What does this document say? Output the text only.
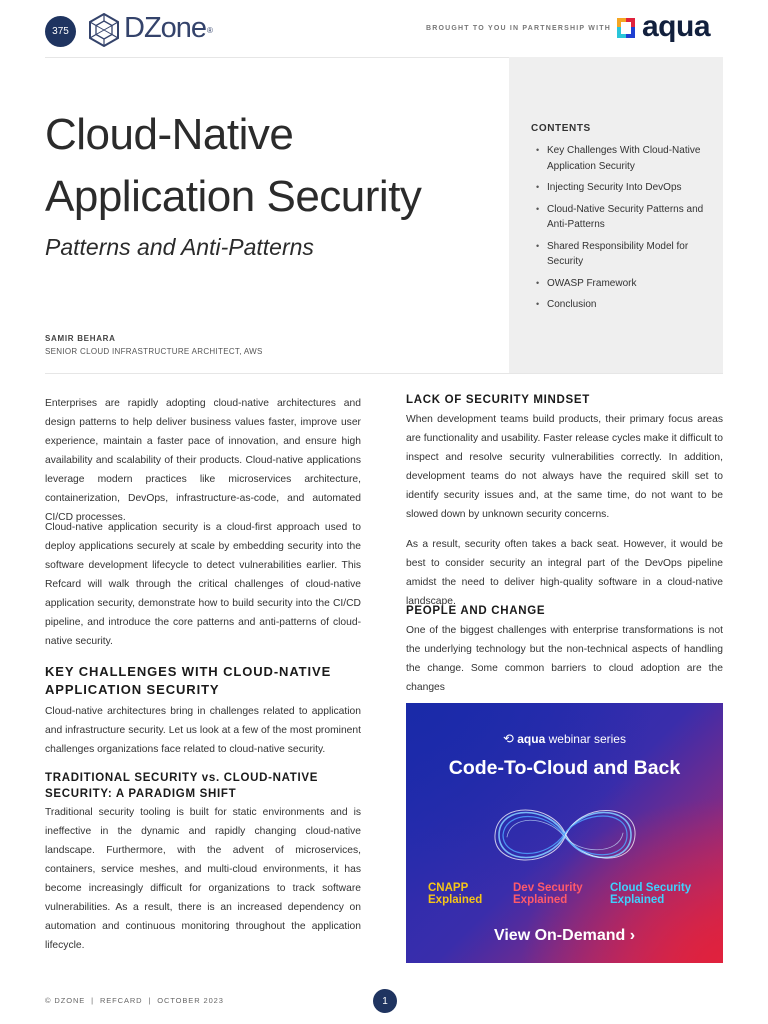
375 DZone®	BROUGHT TO YOU IN PARTNERSHIP WITH aqua
Cloud-Native
Application Security
Patterns and Anti-Patterns
SAMIR BEHARA
SENIOR CLOUD INFRASTRUCTURE ARCHITECT, AWS
CONTENTS
• Key Challenges With Cloud-Native Application Security
• Injecting Security Into DevOps
• Cloud-Native Security Patterns and Anti-Patterns
• Shared Responsibility Model for Security
• OWASP Framework
• Conclusion

Enterprises are rapidly adopting cloud-native architectures and design patterns to help deliver business values faster, improve user experience, maintain a faster pace of innovation, and ensure high availability and scalability of their products. Cloud-native applications leverage modern practices like microservices architecture, containerization, DevOps, infrastructure-as-code, and automated CI/CD processes.

Cloud-native application security is a cloud-first approach used to deploy applications securely at scale by embedding security into the software development lifecycle to detect vulnerabilities earlier. This Refcard will walk through the critical challenges of cloud-native application security, demonstrate how to build security into the CI/CD pipeline, and introduce the core patterns and anti-patterns of cloud-native security.

KEY CHALLENGES WITH CLOUD-NATIVE APPLICATION SECURITY

Cloud-native architectures bring in challenges related to application and infrastructure security. Let us look at a few of the most prominent challenges organizations face related to cloud-native security.

TRADITIONAL SECURITY vs. CLOUD-NATIVE SECURITY: A PARADIGM SHIFT

Traditional security tooling is built for static environments and is ineffective in the dynamic and rapidly changing cloud-native landscape. Furthermore, with the advent of microservices, containers, service meshes, and multi-cloud environments, it has become increasingly difficult for organizations to track software vulnerabilities. As a result, there is an increased dependency on automation and continuous monitoring throughout the application lifecycle.

LACK OF SECURITY MINDSET

When development teams build products, their primary focus areas are functionality and usability. Faster release cycles make it difficult to inspect and resolve security vulnerabilities correctly. In addition, development teams do not always have the required skill set to identify security issues and, at the same time, do not want to be slowed down by unknown security concerns.

As a result, security often takes a back seat. However, it would be best to consider security an integral part of the DevOps pipeline amidst the need to deliver high-quality software in a cloud-native landscape.

PEOPLE AND CHANGE

One of the biggest challenges with enterprise transformations is not the underlying technology but the non-technical aspects of handling the change. Some common barriers to cloud adoption are the changes

⟲ aqua webinar series
Code-To-Cloud and Back
CNAPP
Explained
Dev Security
Explained
Cloud Security
Explained
View On-Demand ›
© DZONE  |  REFCARD  |  OCTOBER 2023	1
